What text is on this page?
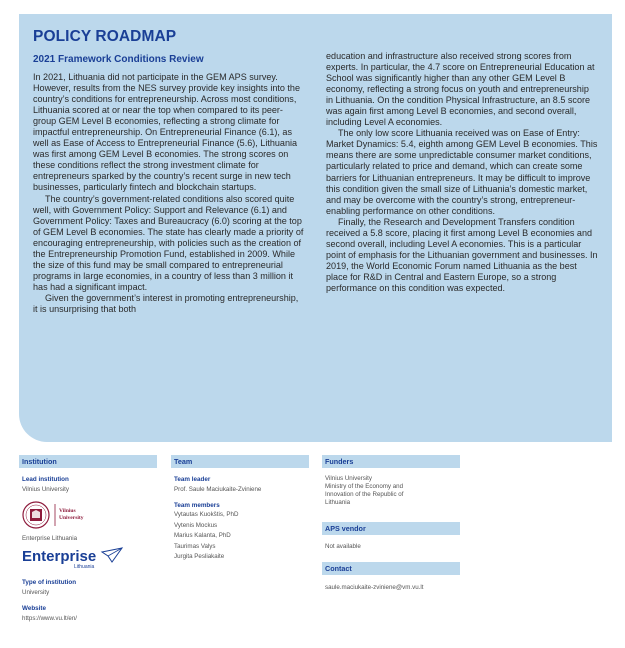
POLICY ROADMAP
2021 Framework Conditions Review

In 2021, Lithuania did not participate in the GEM APS survey. However, results from the NES survey provide key insights into the country’s conditions for entrepreneurship. Across most conditions, Lithuania scored at or near the top when compared to its peer-group GEM Level B economies, reflecting a strong climate for impactful entrepreneurship. On Entrepreneurial Finance (6.1), as well as Ease of Access to Entrepreneurial Finance (5.6), Lithuania was first among GEM Level B economies. The strong scores on these conditions reflect the strong investment climate for entrepreneurs sparked by the country’s recent surge in new tech businesses, particularly fintech and blockchain startups.

The country’s government-related conditions also scored quite well, with Government Policy: Support and Relevance (6.1) and Government Policy: Taxes and Bureaucracy (6.0) scoring at the top of GEM Level B economies. The state has clearly made a priority of encouraging entrepreneurship, with policies such as the creation of the Entrepreneurship Promotion Fund, established in 2009. While the size of this fund may be small compared to entrepreneurial programs in large economies, in a country of less than 3 million it has had a significant impact.

Given the government’s interest in promoting entrepreneurship, it is unsurprising that both

education and infrastructure also received strong scores from experts. In particular, the 4.7 score on Entrepreneurial Education at School was significantly higher than any other GEM Level B economy, reflecting a strong focus on youth and entrepreneurship in Lithuania. On the condition Physical Infrastructure, an 8.5 score was again first among Level B economies, and second overall, including Level A economies.

The only low score Lithuania received was on Ease of Entry: Market Dynamics: 5.4, eighth among GEM Level B economies. This means there are some unpredictable consumer market conditions, particularly related to price and demand, which can create some barriers for Lithuanian entrepreneurs. It may be difficult to improve this condition given the small size of Lithuania’s domestic market, and may be overcome with the country’s strong, entrepreneur-enabling performance on other conditions.

Finally, the Research and Development Transfers condition received a 5.8 score, placing it first among Level B economies and second overall, including Level A economies. This is a particular point of emphasis for the Lithuanian government and businesses. In 2019, the World Economic Forum named Lithuania as the best place for R&D in Central and Eastern Europe, so a strong performance on this condition was expected.

Institution
Lead institution
Vilnius University
Vilnius
University
Enterprise Lithuania
Enterprise
Lithuania
Type of institution
University
Website
https://www.vu.lt/en/
Team
Team leader
Prof. Saule Maciukaite-Zviniene
Team members
Vytautas Kuokštis, PhD
Vytenis Mockus
Marius Kalanta, PhD
Taurimas Valys
Jurgita Pesliakaite
Funders
Vilnius University
Ministry of the Economy and
Innovation of the Republic of
Lithuania
APS vendor
Not available
Contact
saule.maciukaite-zviniene@vm.vu.lt
